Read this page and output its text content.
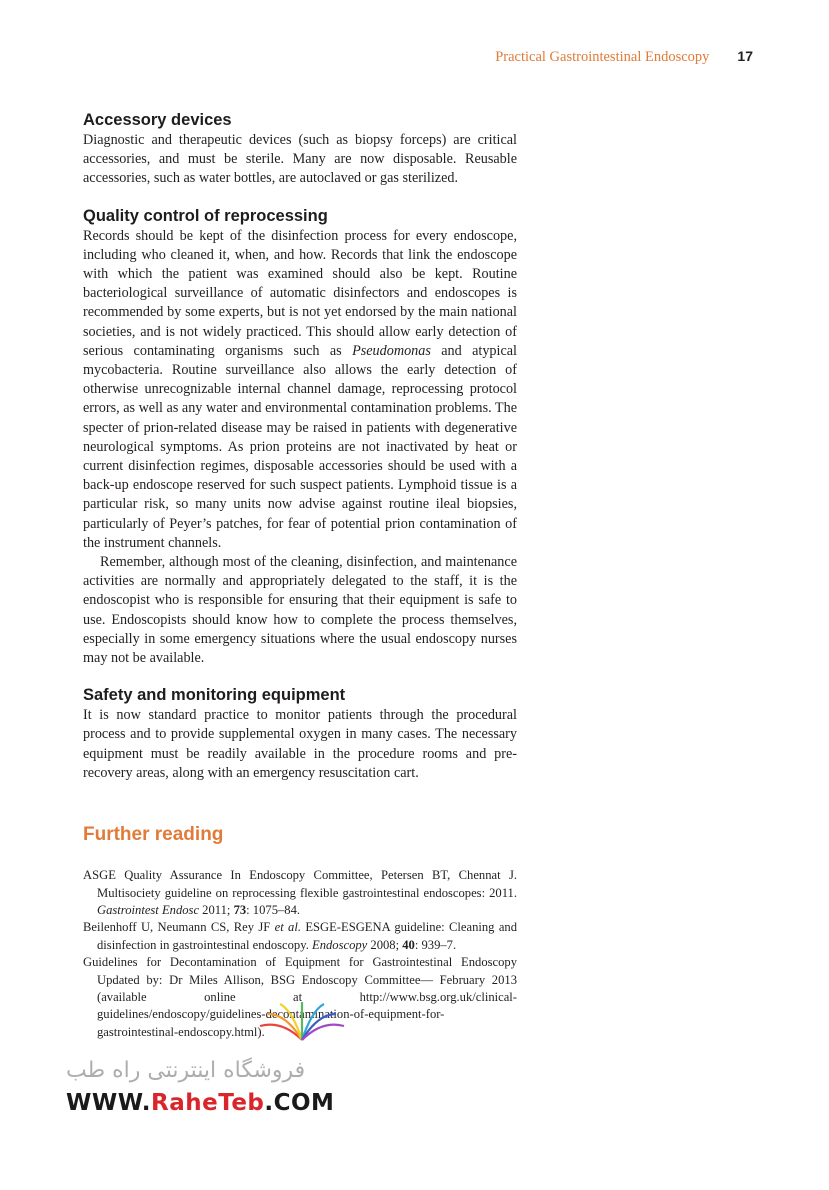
Practical Gastrointestinal Endoscopy 17
Accessory devices

Diagnostic and therapeutic devices (such as biopsy forceps) are critical accessories, and must be sterile. Many are now disposable. Reusable accessories, such as water bottles, are autoclaved or gas sterilized.

Quality control of reprocessing

Records should be kept of the disinfection process for every endoscope, including who cleaned it, when, and how. Records that link the endoscope with which the patient was examined should also be kept. Routine bacteriological surveillance of automatic disinfectors and endoscopes is recommended by some experts, but is not yet endorsed by the main national societies, and is not widely practiced. This should allow early detection of serious contaminating organisms such as Pseudomonas and atypical mycobacteria. Routine surveillance also allows the early detection of otherwise unrecognizable internal channel damage, reprocessing protocol errors, as well as any water and environmental contamination problems. The specter of prion-related disease may be raised in patients with degenerative neurological symptoms. As prion proteins are not inactivated by heat or current disinfection regimes, disposable accessories should be used with a back-up endoscope reserved for such suspect patients. Lymphoid tissue is a particular risk, so many units now advise against routine ileal biopsies, particularly of Peyer’s patches, for fear of potential prion contamination of the instrument channels.

Remember, although most of the cleaning, disinfection, and maintenance activities are normally and appropriately delegated to the staff, it is the endoscopist who is responsible for ensuring that their equipment is safe to use. Endoscopists should know how to complete the process themselves, especially in some emergency situations where the usual endoscopy nurses may not be available.

Safety and monitoring equipment

It is now standard practice to monitor patients through the procedural process and to provide supplemental oxygen in many cases. The necessary equipment must be readily available in the procedure rooms and pre-recovery areas, along with an emergency resuscitation cart.

Further reading

ASGE Quality Assurance In Endoscopy Committee, Petersen BT, Chennat J. Multisociety guideline on reprocessing flexible gastrointestinal endoscopes: 2011. Gastrointest Endosc 2011; 73: 1075–84.

Beilenhoff U, Neumann CS, Rey JF et al. ESGE-ESGENA guideline: Cleaning and disinfection in gastrointestinal endoscopy. Endoscopy 2008; 40: 939–7.

Guidelines for Decontamination of Equipment for Gastrointestinal Endoscopy Updated by: Dr Miles Allison, BSG Endoscopy Committee— February 2013 (available online at http://www.bsg.org.uk/clinical-guidelines/endoscopy/guidelines-decontamination-of-equipment-for-gastrointestinal-endoscopy.html).

فروشگاه اینترنتی راه طب
WWW.RaheTeb.COM
